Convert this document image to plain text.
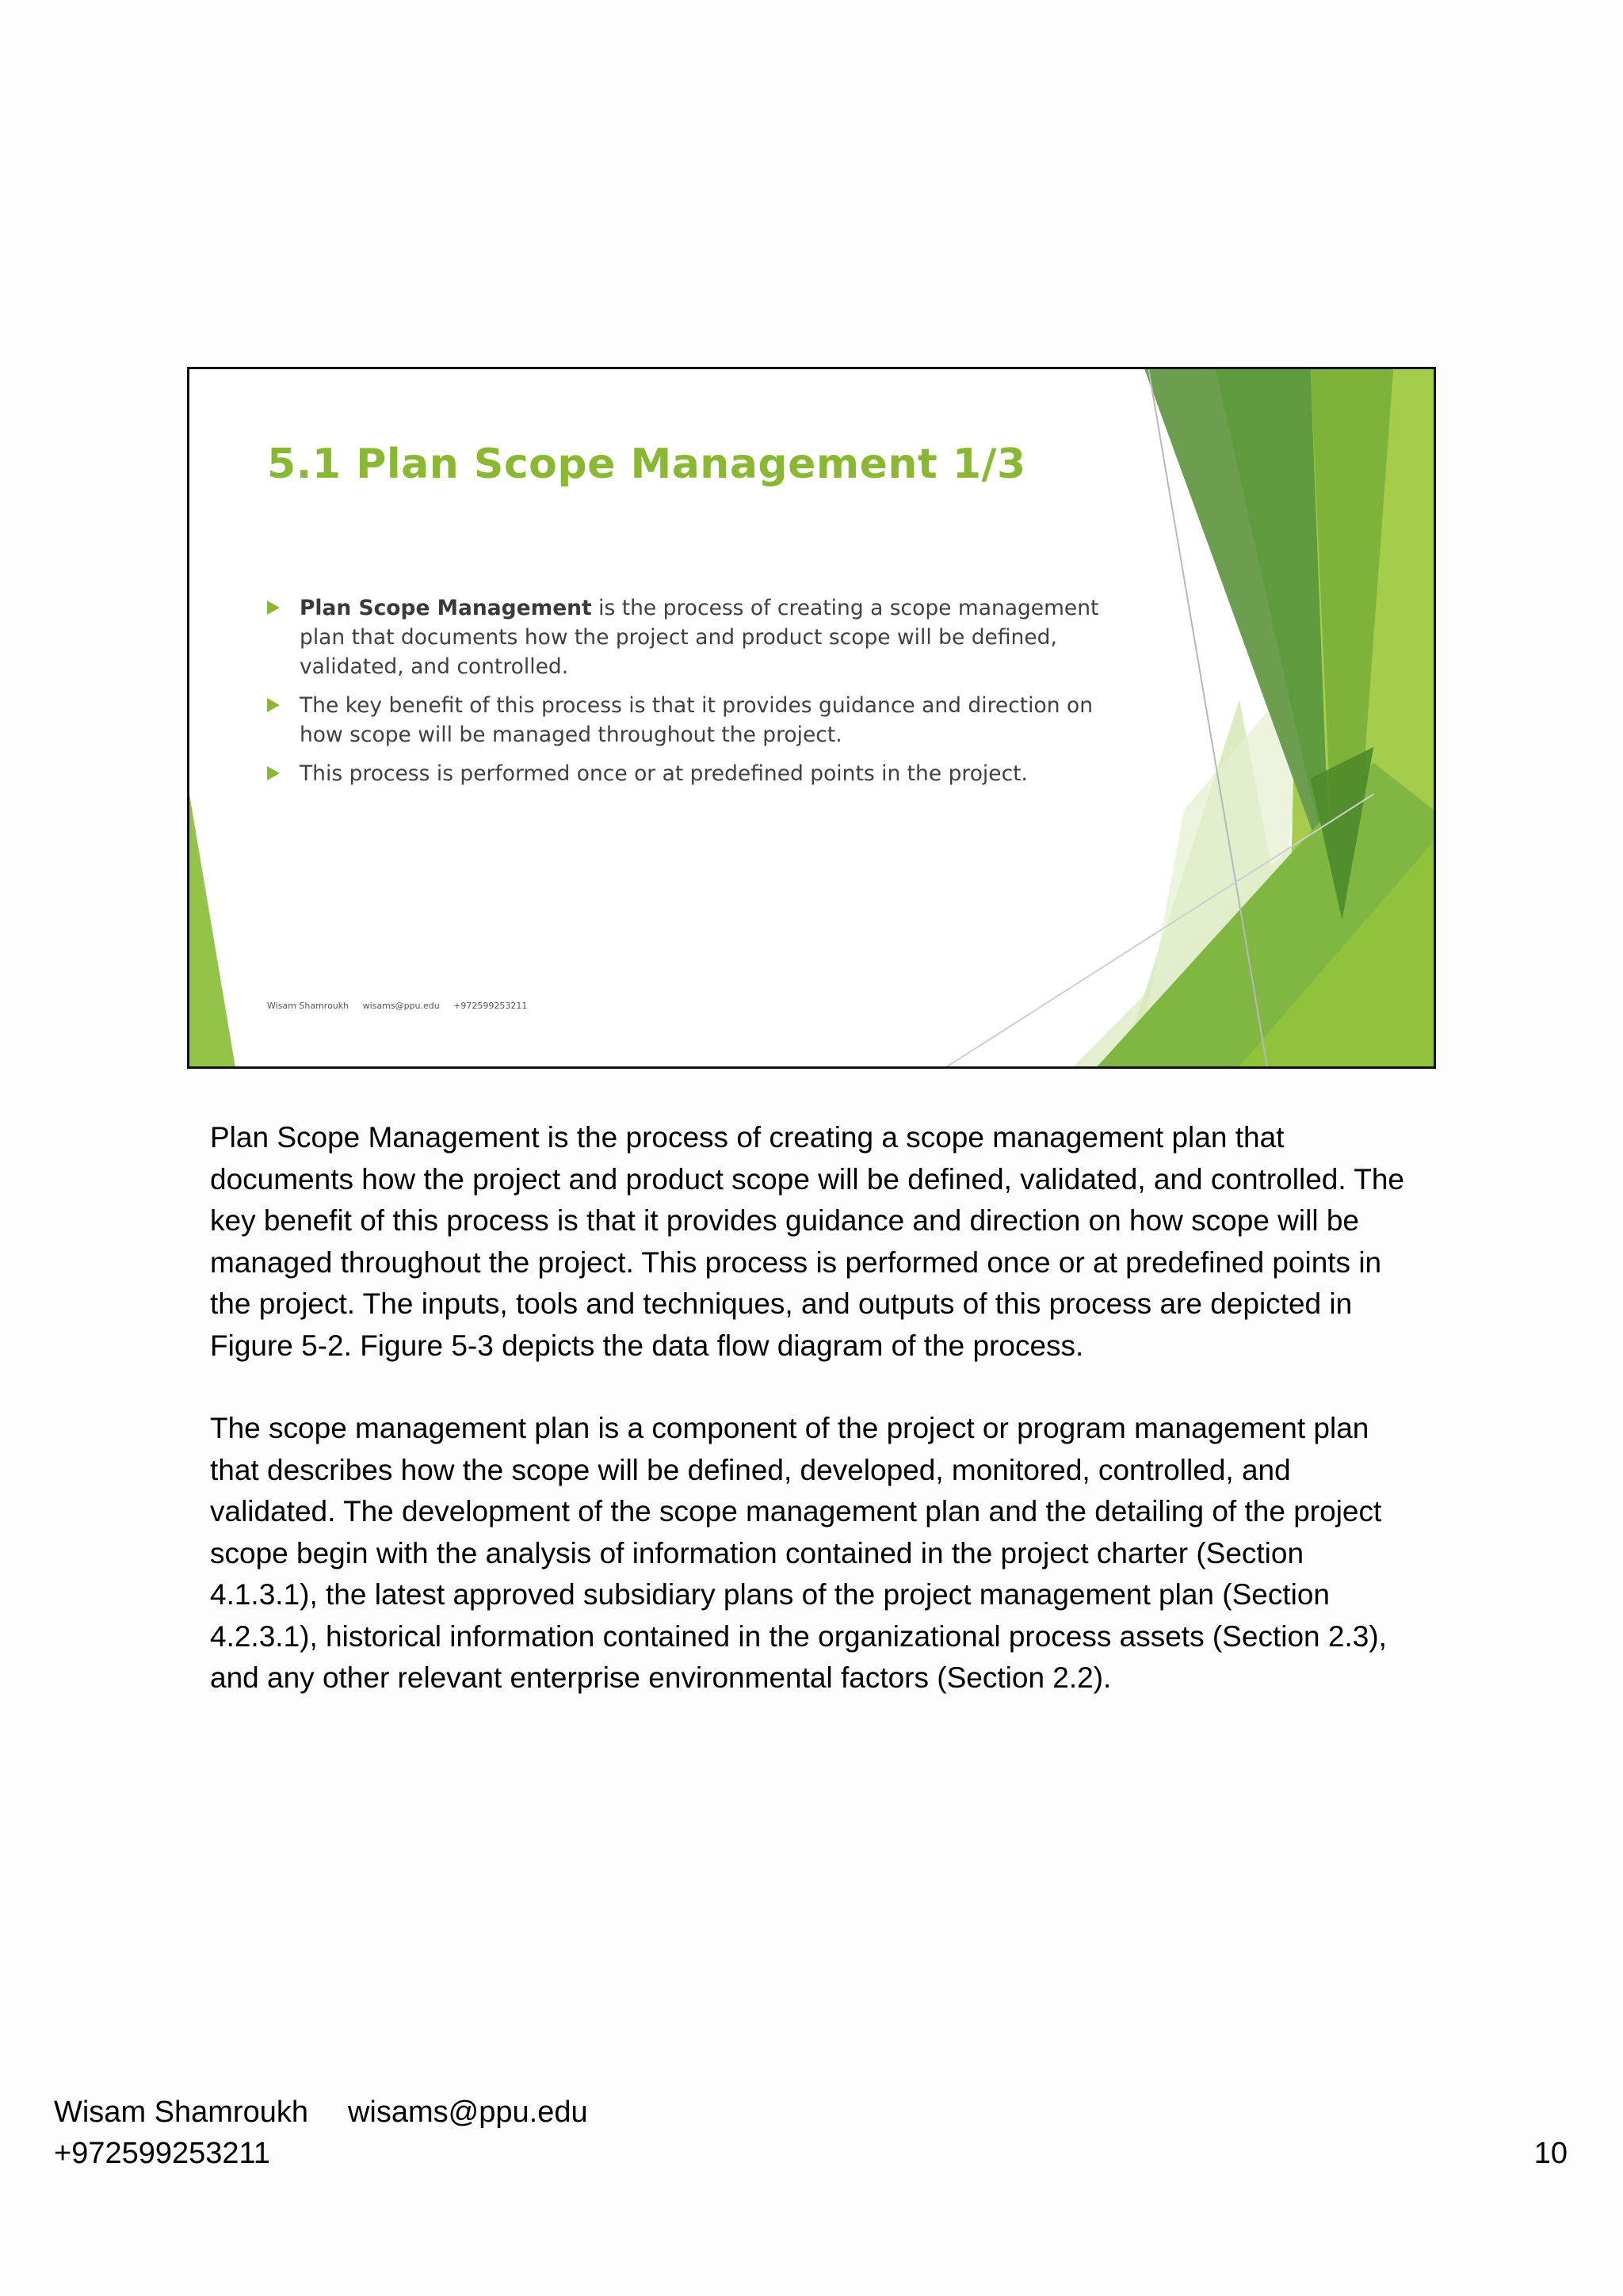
5.1 Plan Scope Management 1/3
Plan Scope Management is the process of creating a scope management plan that documents how the project and product scope will be defined, validated, and controlled.
The key benefit of this process is that it provides guidance and direction on how scope will be managed throughout the project.
This process is performed once or at predefined points in the project.
Wisam Shamroukh     wisams@ppu.edu     +972599253211

Plan Scope Management is the process of creating a scope management plan that documents how the project and product scope will be defined, validated, and controlled. The key benefit of this process is that it provides guidance and direction on how scope will be managed throughout the project. This process is performed once or at predefined points in the project. The inputs, tools and techniques, and outputs of this process are depicted in Figure 5-2. Figure 5-3 depicts the data flow diagram of the process.

The scope management plan is a component of the project or program management plan that describes how the scope will be defined, developed, monitored, controlled, and validated. The development of the scope management plan and the detailing of the project scope begin with the analysis of information contained in the project charter (Section 4.1.3.1), the latest approved subsidiary plans of the project management plan (Section 4.2.3.1), historical information contained in the organizational process assets (Section 2.3), and any other relevant enterprise environmental factors (Section 2.2).

Wisam Shamroukh wisams@ppu.edu
+972599253211	10
